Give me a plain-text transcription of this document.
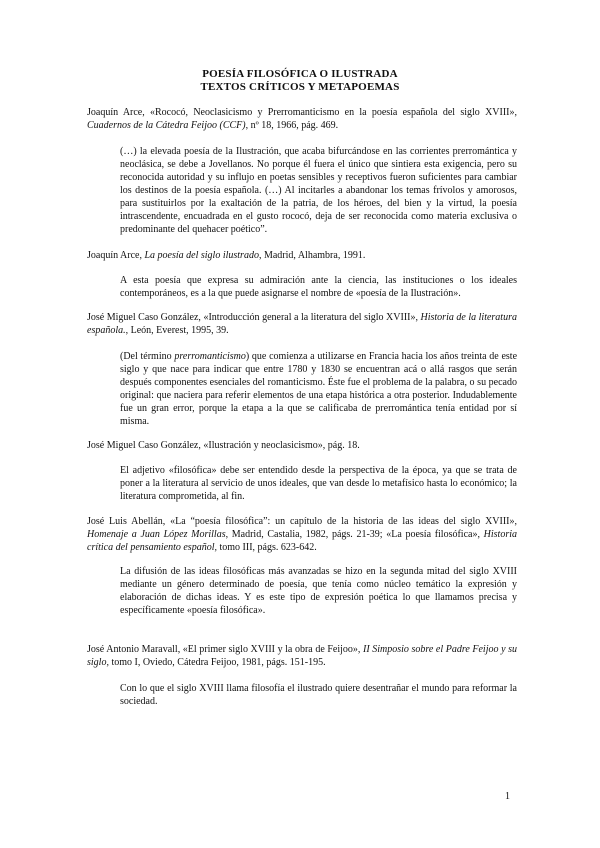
POESÍA FILOSÓFICA O ILUSTRADA
TEXTOS CRÍTICOS Y METAPOEMAS
Joaquín Arce, «Rococó, Neoclasicismo y Prerromanticismo en la poesía española del siglo XVIII», Cuadernos de la Cátedra Feijoo (CCF), nº 18, 1966, pág. 469.
(…) la elevada poesía de la Ilustración, que acaba bifurcándose en las corrientes prerromántica y neoclásica, se debe a Jovellanos. No porque él fuera el único que sintiera esta exigencia, pero su reconocida autoridad y su influjo en poetas sensibles y receptivos fueron suficientes para cambiar los destinos de la poesía española. (…) Al incitarles a abandonar los temas frívolos y amorosos, para sustituirlos por la exaltación de la patria, de los héroes, del bien y la virtud, la poesía intrascendente, encuadrada en el gusto rococó, deja de ser reconocida como materia exclusiva o predominante del quehacer poético”.
Joaquín Arce, La poesía del siglo ilustrado, Madrid, Alhambra, 1991.
A esta poesía que expresa su admiración ante la ciencia, las instituciones o los ideales contemporáneos, es a la que puede asignarse el nombre de «poesía de la Ilustración».
José Miguel Caso González, «Introducción general a la literatura del siglo XVIII», Historia de la literatura española., León, Everest, 1995, 39.
(Del término prerromanticismo) que comienza a utilizarse en Francia hacia los años treinta de este siglo y que nace para indicar que entre 1780 y 1830 se encuentran acá o allá rasgos que serán después componentes esenciales del romanticismo. Éste fue el problema de la palabra, o su pecado original: que naciera para referir elementos de una etapa histórica a otra posterior. Indudablemente fue un gran error, porque la etapa a la que se calificaba de prerromántica tenía entidad por sí misma.
José Miguel Caso González, «Ilustración y neoclasicismo», pág. 18.
El adjetivo «filosófica» debe ser entendido desde la perspectiva de la época, ya que se trata de poner a la literatura al servicio de unos ideales, que van desde lo metafísico hasta lo económico; la literatura comprometida, al fin.
José Luis Abellán, «La “poesía filosófica”: un capítulo de la historia de las ideas del siglo XVIII», Homenaje a Juan López Morillas, Madrid, Castalia, 1982, págs. 21-39; «La poesía filosófica», Historia crítica del pensamiento español, tomo III, págs. 623-642.
La difusión de las ideas filosóficas más avanzadas se hizo en la segunda mitad del siglo XVIII mediante un género determinado de poesía, que tenía como núcleo temático la expresión y elaboración de dichas ideas. Y es este tipo de expresión poética lo que llamamos precisa y específicamente «poesía filosófica».
José Antonio Maravall, «El primer siglo XVIII y la obra de Feijoo», II Simposio sobre el Padre Feijoo y su siglo, tomo I, Oviedo, Cátedra Feijoo, 1981, págs. 151-195.
Con lo que el siglo XVIII llama filosofía el ilustrado quiere desentrañar el mundo para reformar la sociedad.
1
